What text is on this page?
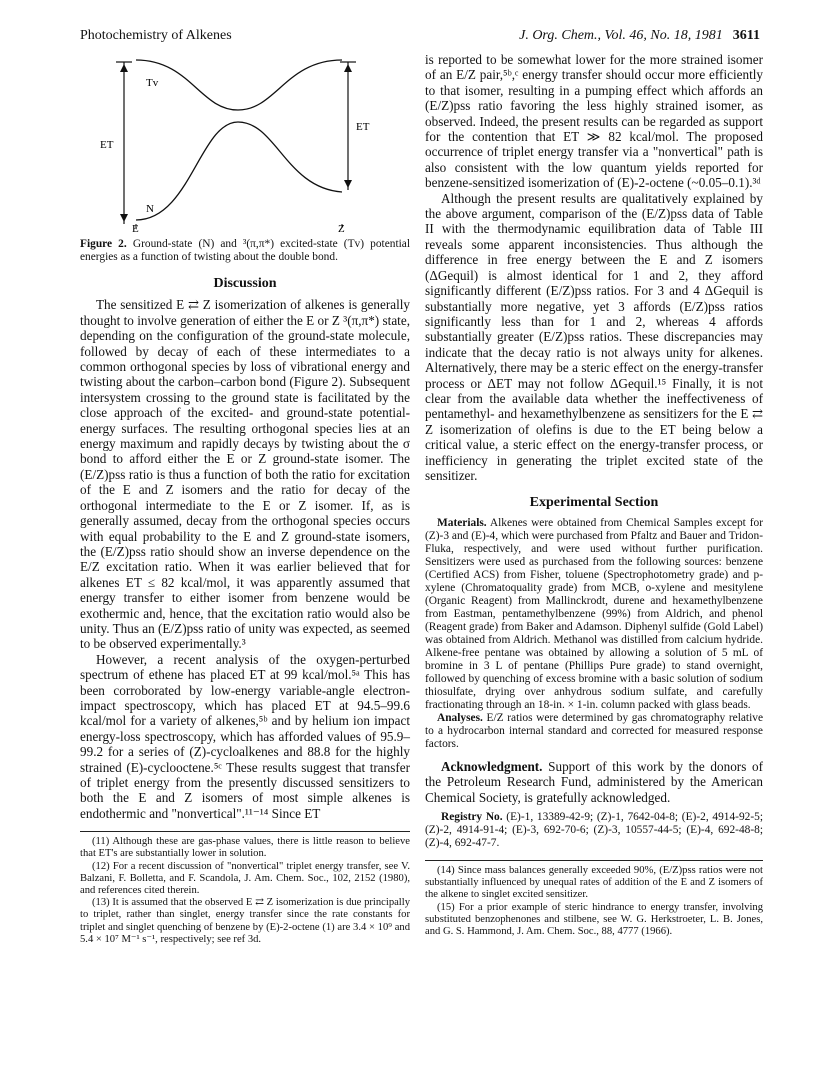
Photochemistry of Alkenes	J. Org. Chem., Vol. 46, No. 18, 1981 3611
Tv
N
ET
ET
E	Z
Figure 2. Ground-state (N) and ³(π,π*) excited-state (Tv) potential energies as a function of twisting about the double bond.
Discussion

The sensitized E ⇄ Z isomerization of alkenes is generally thought to involve generation of either the E or Z ³(π,π*) state, depending on the configuration of the ground-state molecule, followed by decay of each of these intermediates to a common orthogonal species by loss of vibrational energy and twisting about the carbon–carbon bond (Figure 2). Subsequent intersystem crossing to the ground state is facilitated by the close approach of the excited- and ground-state potential-energy surfaces. The resulting orthogonal species lies at an energy maximum and rapidly decays by twisting about the σ bond to afford either the E or Z ground-state isomer. The (E/Z)pss ratio is thus a function of both the ratio for excitation of the E and Z isomers and the ratio for decay of the orthogonal intermediate to the E or Z isomer. If, as is generally assumed, decay from the orthogonal species occurs with equal probability to the E and Z ground-state isomers, the (E/Z)pss ratio should show an inverse dependence on the E/Z excitation ratio. When it was earlier believed that for alkenes ET ≤ 82 kcal/mol, it was apparently assumed that energy transfer to either isomer from benzene would be exothermic and, hence, that the excitation ratio would also be unity. Thus an (E/Z)pss ratio of unity was expected, as seemed to be observed experimentally.³

However, a recent analysis of the oxygen-perturbed spectrum of ethene has placed ET at 99 kcal/mol.⁵ᵃ This has been corroborated by low-energy variable-angle electron-impact spectroscopy, which has placed ET at 94.5–99.6 kcal/mol for a variety of alkenes,⁵ᵇ and by helium ion impact energy-loss spectroscopy, which has afforded values of 95.9–99.2 for a series of (Z)-cycloalkenes and 88.8 for the highly strained (E)-cyclooctene.⁵ᶜ These results suggest that transfer of triplet energy from the presently discussed sensitizers to both the E and Z isomers of most simple alkenes is endothermic and "nonvertical".¹¹⁻¹⁴ Since ET

(11) Although these are gas-phase values, there is little reason to believe that ET's are substantially lower in solution.
(12) For a recent discussion of "nonvertical" triplet energy transfer, see V. Balzani, F. Bolletta, and F. Scandola, J. Am. Chem. Soc., 102, 2152 (1980), and references cited therein.
(13) It is assumed that the observed E ⇄ Z isomerization is due principally to triplet, rather than singlet, energy transfer since the rate constants for triplet and singlet quenching of benzene by (E)-2-octene (1) are 3.4 × 10⁹ and 5.4 × 10⁷ M⁻¹ s⁻¹, respectively; see ref 3d.

is reported to be somewhat lower for the more strained isomer of an E/Z pair,⁵ᵇ,ᶜ energy transfer should occur more efficiently to that isomer, resulting in a pumping effect which affords an (E/Z)pss ratio favoring the less highly strained isomer, as observed. Indeed, the present results can be regarded as support for the contention that ET ≫ 82 kcal/mol. The proposed occurrence of triplet energy transfer via a "nonvertical" path is also consistent with the low quantum yields reported for benzene-sensitized isomerization of (E)-2-octene (~0.05–0.1).³ᵈ

Although the present results are qualitatively explained by the above argument, comparison of the (E/Z)pss data of Table II with the thermodynamic equilibration data of Table III reveals some apparent inconsistencies. Thus although the difference in free energy between the E and Z isomers (ΔGequil) is almost identical for 1 and 2, they afford significantly different (E/Z)pss ratios. For 3 and 4 ΔGequil is substantially more negative, yet 3 affords (E/Z)pss ratios significantly less than for 1 and 2, whereas 4 affords substantially greater (E/Z)pss ratios. These discrepancies may indicate that the decay ratio is not always unity for alkenes. Alternatively, there may be a steric effect on the energy-transfer process or ΔET may not follow ΔGequil.¹⁵ Finally, it is not clear from the available data whether the ineffectiveness of pentamethyl- and hexamethylbenzene as sensitizers for the E ⇄ Z isomerization of olefins is due to the ET being below a critical value, a steric effect on the energy-transfer process, or inefficiency in generating the triplet excited state of the sensitizer.

Experimental Section

Materials. Alkenes were obtained from Chemical Samples except for (Z)-3 and (E)-4, which were purchased from Pfaltz and Bauer and Tridon-Fluka, respectively, and were used without further purification. Sensitizers were used as purchased from the following sources: benzene (Certified ACS) from Fisher, toluene (Spectrophotometry grade) and p-xylene (Chromatoquality grade) from MCB, o-xylene and mesitylene (Organic Reagent) from Mallinckrodt, durene and hexamethylbenzene from Eastman, pentamethylbenzene (99%) from Aldrich, and phenol (Reagent grade) from Baker and Adamson. Diphenyl sulfide (Gold Label) was obtained from Aldrich. Methanol was distilled from calcium hydride. Alkene-free pentane was obtained by allowing a solution of 5 mL of bromine in 3 L of pentane (Phillips Pure grade) to stand overnight, followed by quenching of excess bromine with a basic solution of sodium thiosulfate, drying over anhydrous sodium sulfate, and carefully fractionating through an 18-in. × 1-in. column packed with glass beads.

Analyses. E/Z ratios were determined by gas chromatography relative to a hydrocarbon internal standard and corrected for measured response factors.

Acknowledgment. Support of this work by the donors of the Petroleum Research Fund, administered by the American Chemical Society, is gratefully acknowledged.

Registry No. (E)-1, 13389-42-9; (Z)-1, 7642-04-8; (E)-2, 4914-92-5; (Z)-2, 4914-91-4; (E)-3, 692-70-6; (Z)-3, 10557-44-5; (E)-4, 692-48-8; (Z)-4, 692-47-7.

(14) Since mass balances generally exceeded 90%, (E/Z)pss ratios were not substantially influenced by unequal rates of addition of the E and Z isomers of the alkene to singlet excited sensitizer.
(15) For a prior example of steric hindrance to energy transfer, involving substituted benzophenones and stilbene, see W. G. Herkstroeter, L. B. Jones, and G. S. Hammond, J. Am. Chem. Soc., 88, 4777 (1966).
